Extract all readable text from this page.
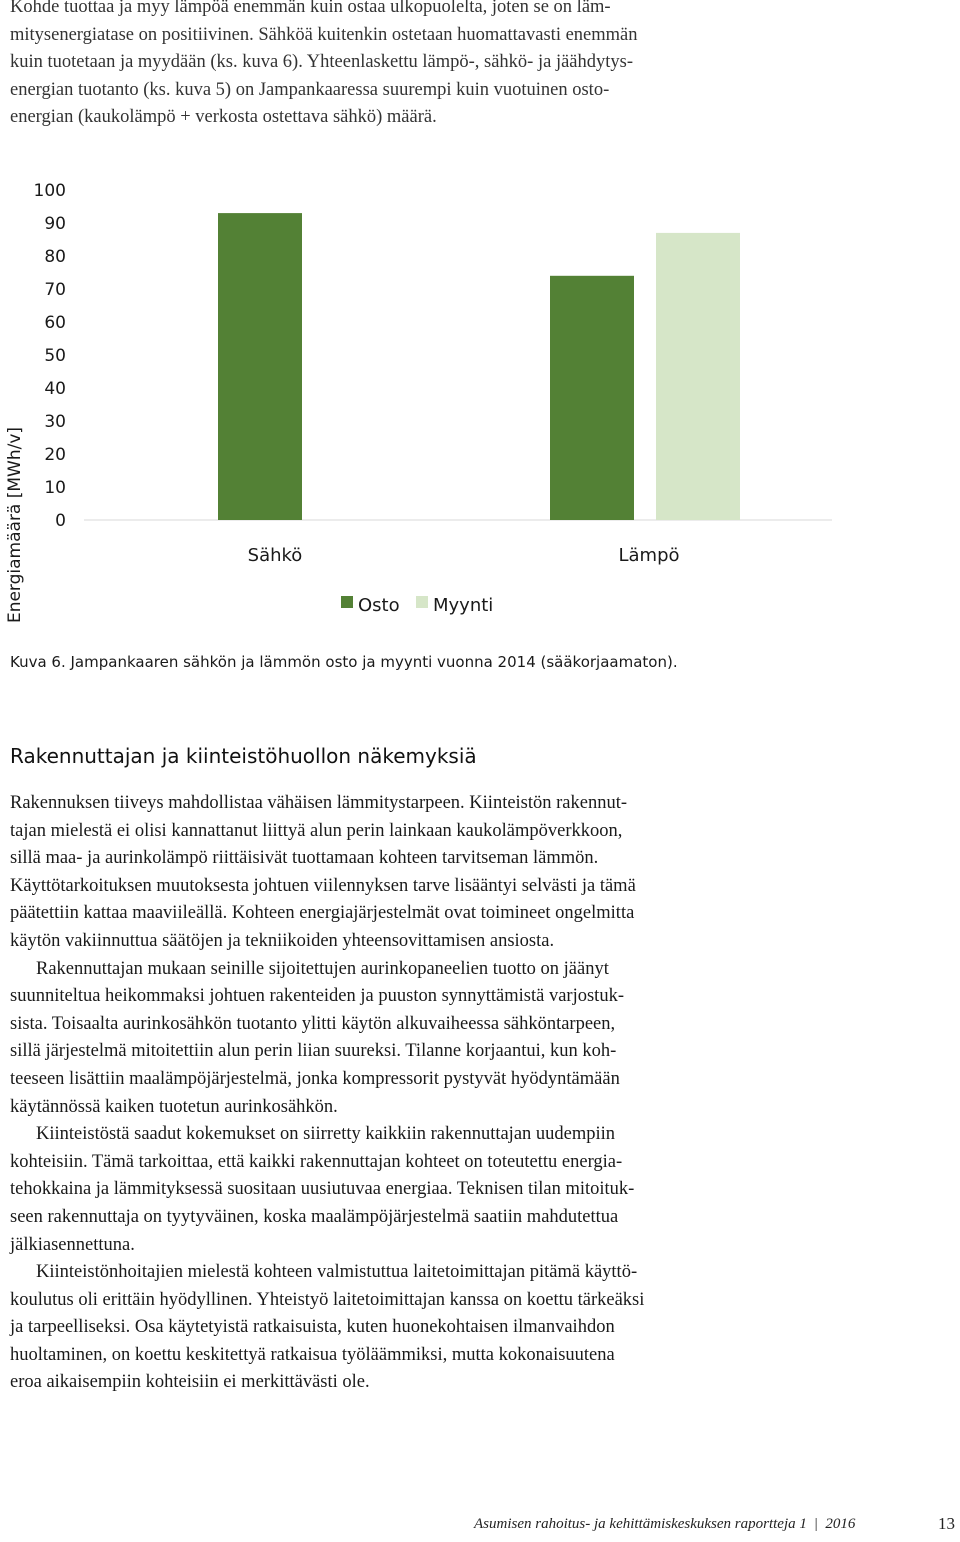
Kohde tuottaa ja myy lämpöä enemmän kuin ostaa ulkopuolelta, joten se on läm-
mitysenergiatase on positiivinen. Sähköä kuitenkin ostetaan huomattavasti enemmän
kuin tuotetaan ja myydään (ks. kuva 6). Yhteenlaskettu lämpö-, sähkö- ja jäähdytys-
energian tuotanto (ks. kuva 5) on Jampankaaressa suurempi kuin vuotuinen osto-
energian (kaukolämpö + verkosta ostettava sähkö) määrä.
Energiamäärä [MWh/v] 0
10
20
30
40
50
60
70
80
90
100
Sähkö	Lämpö
Osto Myynti
Kuva 6. Jampankaaren sähkön ja lämmön osto ja myynti vuonna 2014 (sääkorjaamaton).
Rakennuttajan ja kiinteistöhuollon näkemyksiä
Rakennuksen tiiveys mahdollistaa vähäisen lämmitystarpeen. Kiinteistön rakennut-
tajan mielestä ei olisi kannattanut liittyä alun perin lainkaan kaukolämpöverkkoon,
sillä maa- ja aurinkolämpö riittäisivät tuottamaan kohteen tarvitseman lämmön.
Käyttötarkoituksen muutoksesta johtuen viilennyksen tarve lisääntyi selvästi ja tämä
päätettiin kattaa maaviileällä. Kohteen energiajärjestelmät ovat toimineet ongelmitta
käytön vakiinnuttua säätöjen ja tekniikoiden yhteensovittamisen ansiosta.
Rakennuttajan mukaan seinille sijoitettujen aurinkopaneelien tuotto on jäänyt
suunniteltua heikommaksi johtuen rakenteiden ja puuston synnyttämistä varjostuk-
sista. Toisaalta aurinkosähkön tuotanto ylitti käytön alkuvaiheessa sähköntarpeen,
sillä järjestelmä mitoitettiin alun perin liian suureksi. Tilanne korjaantui, kun koh-
teeseen lisättiin maalämpöjärjestelmä, jonka kompressorit pystyvät hyödyntämään
käytännössä kaiken tuotetun aurinkosähkön.
Kiinteistöstä saadut kokemukset on siirretty kaikkiin rakennuttajan uudempiin
kohteisiin. Tämä tarkoittaa, että kaikki rakennuttajan kohteet on toteutettu energia-
tehokkaina ja lämmityksessä suositaan uusiutuvaa energiaa. Teknisen tilan mitoituk-
seen rakennuttaja on tyytyväinen, koska maalämpöjärjestelmä saatiin mahdutettua
jälkiasennettuna.
Kiinteistönhoitajien mielestä kohteen valmistuttua laitetoimittajan pitämä käyttö-
koulutus oli erittäin hyödyllinen. Yhteistyö laitetoimittajan kanssa on koettu tärkeäksi
ja tarpeelliseksi. Osa käytetyistä ratkaisuista, kuten huonekohtaisen ilmanvaihdon
huoltaminen, on koettu keskitettyä ratkaisua työläämmiksi, mutta kokonaisuutena
eroa aikaisempiin kohteisiin ei merkittävästi ole.
Asumisen rahoitus- ja kehittämiskeskuksen raportteja 1 | 2016	13
